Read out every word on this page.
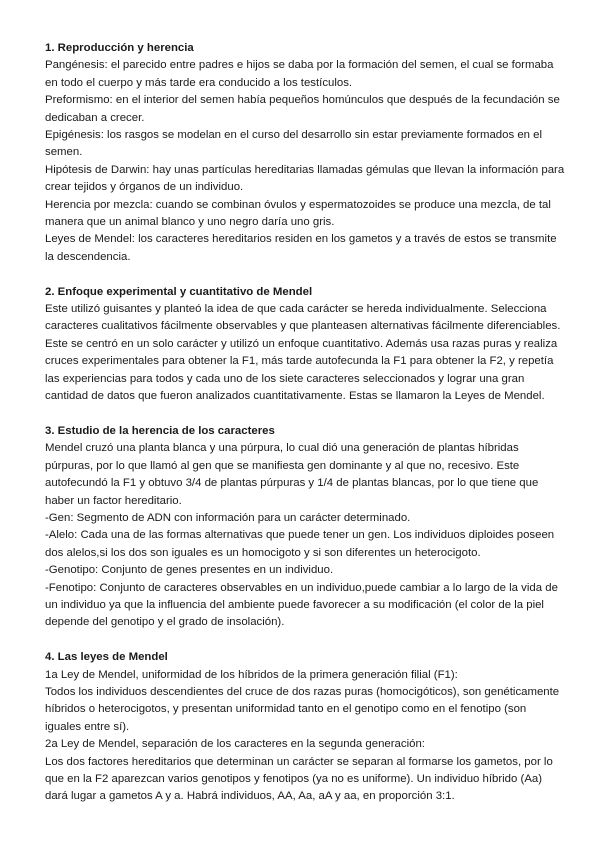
1. Reproducción y herencia

Pangénesis: el parecido entre padres e hijos se daba por la formación del semen, el cual se formaba en todo el cuerpo y más tarde era conducido a los testículos.

Preformismo: en el interior del semen había pequeños homúnculos que después de la fecundación se dedicaban a crecer.

Epigénesis: los rasgos se modelan en el curso del desarrollo sin estar previamente formados en el semen.

Hipótesis de Darwin: hay unas partículas hereditarias llamadas gémulas que llevan la información para crear tejidos y órganos de un individuo.

Herencia por mezcla: cuando se combinan óvulos y espermatozoides se produce una mezcla, de tal manera que un animal blanco y uno negro daría uno gris.

Leyes de Mendel: los caracteres hereditarios residen en los gametos y a través de estos se transmite la descendencia.

2. Enfoque experimental y cuantitativo de Mendel

Este utilizó guisantes y planteó la idea de que cada carácter se hereda individualmente. Selecciona caracteres cualitativos fácilmente observables y que planteasen alternativas fácilmente diferenciables. Este se centró en un solo carácter y utilizó un enfoque cuantitativo. Además usa razas puras y realiza cruces experimentales para obtener la F1, más tarde autofecunda la F1 para obtener la F2, y repetía las experiencias para todos y cada uno de los siete caracteres seleccionados y lograr una gran cantidad de datos que fueron analizados cuantitativamente. Estas se llamaron la Leyes de Mendel.

3. Estudio de la herencia de los caracteres

Mendel cruzó una planta blanca y una púrpura, lo cual dió una generación de plantas híbridas púrpuras, por lo que llamó al gen que se manifiesta gen dominante y al que no, recesivo. Este autofecundó la F1 y obtuvo 3/4 de plantas púrpuras y 1/4 de plantas blancas, por lo que tiene que haber un factor hereditario.

-Gen: Segmento de ADN con información para un carácter determinado.

-Alelo: Cada una de las formas alternativas que puede tener un gen. Los individuos diploides poseen dos alelos,si los dos son iguales es un homocigoto y si son diferentes un heterocigoto.

-Genotipo: Conjunto de genes presentes en un individuo.

-Fenotipo: Conjunto de caracteres observables en un individuo,puede cambiar a lo largo de la vida de un individuo ya que la influencia del ambiente puede favorecer a su modificación (el color de la piel depende del genotipo y el grado de insolación).

4. Las leyes de Mendel

1a Ley de Mendel, uniformidad de los híbridos de la primera generación filial (F1):

Todos los individuos descendientes del cruce de dos razas puras (homocigóticos), son genéticamente híbridos o heterocigotos, y presentan uniformidad tanto en el genotipo como en el fenotipo (son iguales entre sí).

2a Ley de Mendel, separación de los caracteres en la segunda generación:

Los dos factores hereditarios que determinan un carácter se separan al formarse los gametos, por lo que en la F2 aparezcan varios genotipos y fenotipos (ya no es uniforme). Un individuo híbrido (Aa) dará lugar a gametos A y a. Habrá individuos, AA, Aa, aA y aa, en proporción 3:1.
